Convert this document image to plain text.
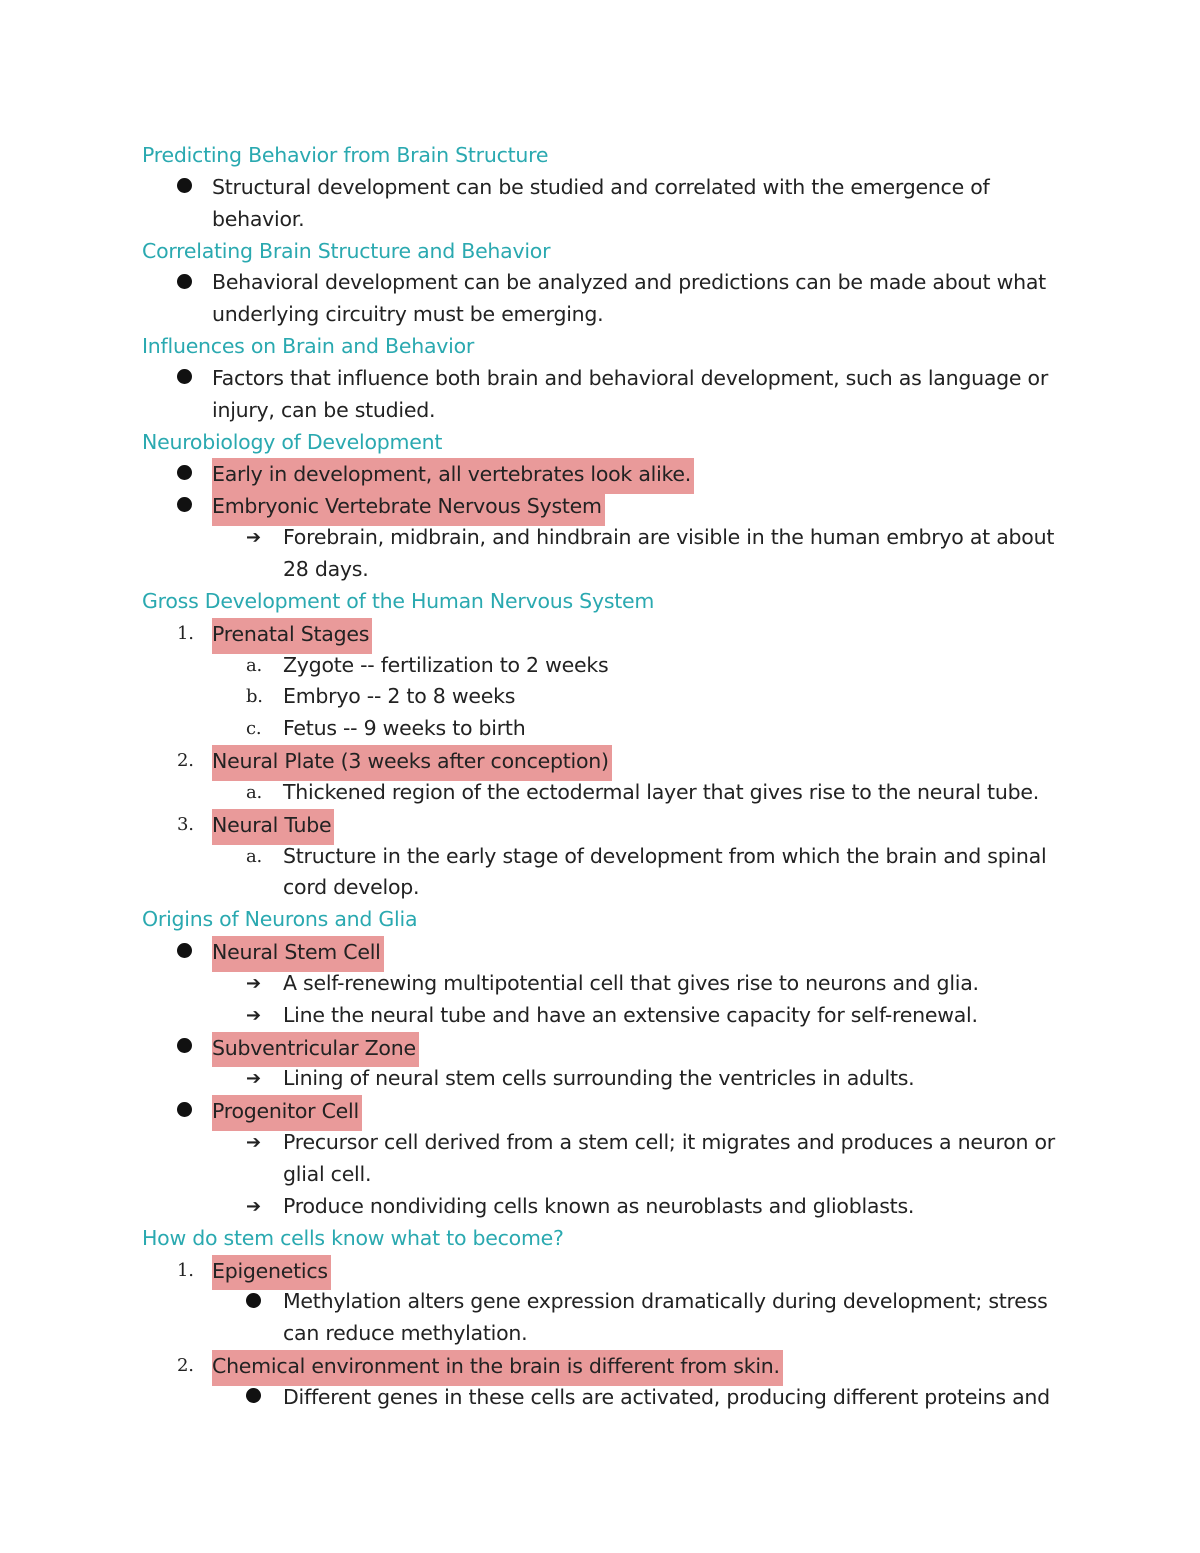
Predicting Behavior from Brain Structure
Structural development can be studied and correlated with the emergence of
behavior.
Correlating Brain Structure and Behavior
Behavioral development can be analyzed and predictions can be made about what
underlying circuitry must be emerging.
Influences on Brain and Behavior
Factors that influence both brain and behavioral development, such as language or
injury, can be studied.
Neurobiology of Development
Early in development, all vertebrates look alike.
Embryonic Vertebrate Nervous System
➔ Forebrain, midbrain, and hindbrain are visible in the human embryo at about
28 days.
Gross Development of the Human Nervous System
1. Prenatal Stages
a. Zygote -- fertilization to 2 weeks
b. Embryo -- 2 to 8 weeks
c. Fetus -- 9 weeks to birth
2. Neural Plate (3 weeks after conception)
a. Thickened region of the ectodermal layer that gives rise to the neural tube.
3. Neural Tube
a. Structure in the early stage of development from which the brain and spinal
cord develop.
Origins of Neurons and Glia
Neural Stem Cell
➔ A self-renewing multipotential cell that gives rise to neurons and glia.
➔ Line the neural tube and have an extensive capacity for self-renewal.
Subventricular Zone
➔ Lining of neural stem cells surrounding the ventricles in adults.
Progenitor Cell
➔ Precursor cell derived from a stem cell; it migrates and produces a neuron or
glial cell.
➔ Produce nondividing cells known as neuroblasts and glioblasts.
How do stem cells know what to become?
1. Epigenetics
Methylation alters gene expression dramatically during development; stress
can reduce methylation.
2. Chemical environment in the brain is different from skin.
Different genes in these cells are activated, producing different proteins and
